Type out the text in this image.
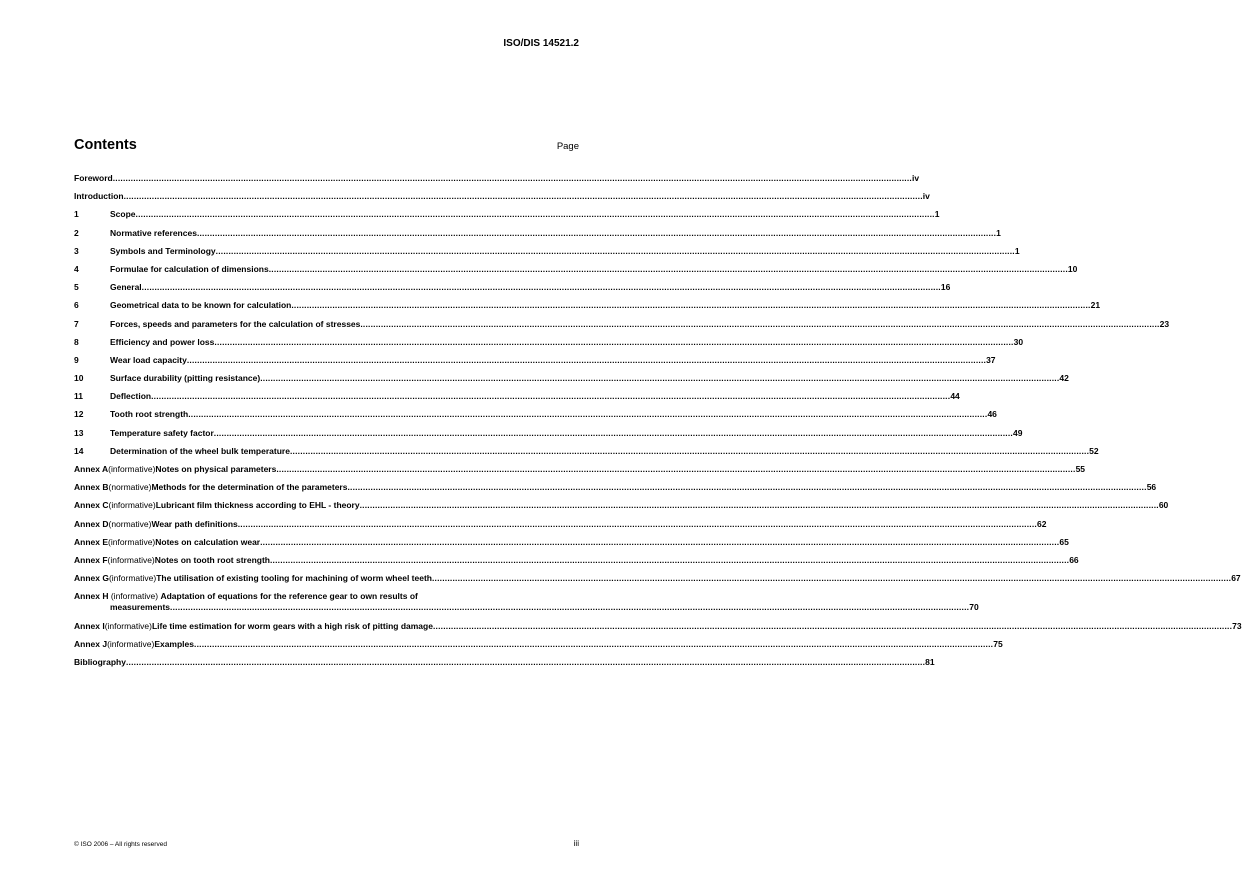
ISO/DIS 14521.2
Contents	Page
Foreword .....	iv
Introduction .....	iv
1	Scope .....	1
2	Normative references .....	1
3	Symbols and Terminology .....	1
4	Formulae for calculation of dimensions .....	10
5	General .....	16
6	Geometrical data to be known for calculation .....	21
7	Forces, speeds and parameters for the calculation of stresses .....	23
8	Efficiency and power loss .....	30
9	Wear load capacity .....	37
10	Surface durability (pitting resistance) .....	42
11	Deflection .....	44
12	Tooth root strength .....	46
13	Temperature safety factor .....	49
14	Determination of the wheel bulk temperature .....	52
Annex A (informative) Notes on physical parameters .....	55
Annex B (normative) Methods for the determination of the parameters .....	56
Annex C (informative) Lubricant film thickness according to EHL - theory .....	60
Annex D (normative) Wear path definitions .....	62
Annex E (informative) Notes on calculation wear .....	65
Annex F (informative) Notes on tooth root strength .....	66
Annex G (informative) The utilisation of existing tooling for machining of worm wheel teeth .....	67
Annex H (informative) Adaptation of equations for the reference gear to own results of
measurements .....	70
Annex I (informative) Life time estimation for worm gears with a high risk of pitting damage .....	73
Annex J (informative) Examples .....	75
Bibliography .....	81
© ISO 2006 – All rights reserved	iii
